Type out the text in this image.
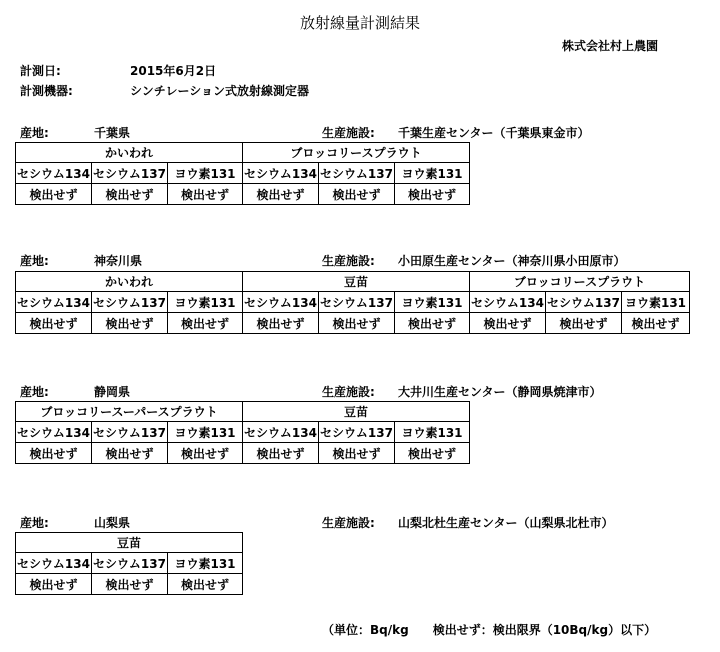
放射線量計測結果
株式会社村上農園
計測日:	2015年6月2日
計測機器:	シンチレーション式放射線測定器
産地:	千葉県	生産施設: 千葉生産センター（千葉県東金市）
かいわれ			ブロッコリースプラウト		
セシウム134	セシウム137	ヨウ素131	セシウム134	セシウム137	ヨウ素131
検出せず	検出せず	検出せず	検出せず	検出せず	検出せず
産地:	神奈川県	生産施設: 小田原生産センター（神奈川県小田原市）
かいわれ			豆苗			ブロッコリースプラウト		
セシウム134	セシウム137	ヨウ素131	セシウム134	セシウム137	ヨウ素131	セシウム134	セシウム137	ヨウ素131
検出せず	検出せず	検出せず	検出せず	検出せず	検出せず	検出せず	検出せず	検出せず
産地:	静岡県	生産施設: 大井川生産センター（静岡県焼津市）
ブロッコリースーパースプラウト			豆苗		
セシウム134	セシウム137	ヨウ素131	セシウム134	セシウム137	ヨウ素131
検出せず	検出せず	検出せず	検出せず	検出せず	検出せず
産地:	山梨県	生産施設: 山梨北杜生産センター（山梨県北杜市）
豆苗		
セシウム134	セシウム137	ヨウ素131
検出せず	検出せず	検出せず
（単位：Bq/kg　　検出せず：検出限界（10Bq/kg）以下）
